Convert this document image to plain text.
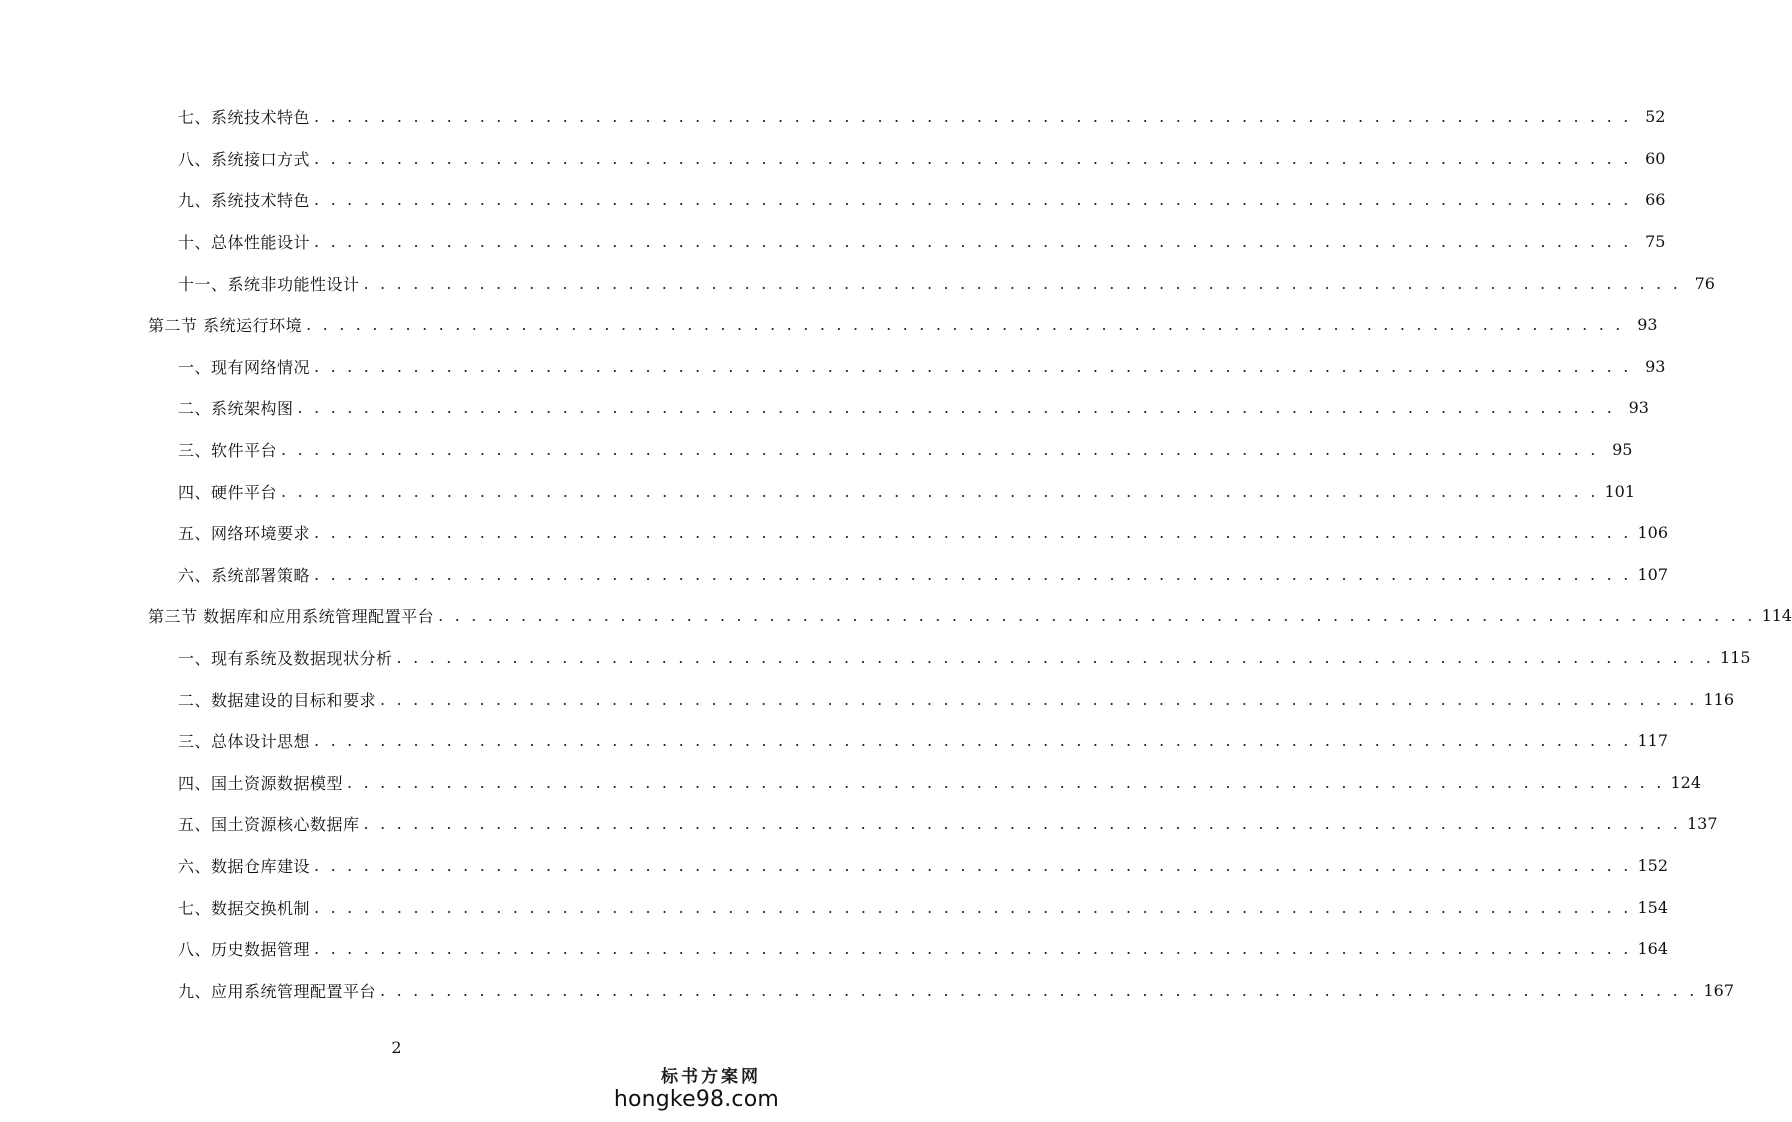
七、系统技术特色 . . . . . . . . . . . . . . . . . . . . . . . . . . . . . . . . . . . . . . . . . . . . . . . . . . . . . . . . . . . . . . . . . . . . . . . . . . . . . . . . 52
八、系统接口方式 . . . . . . . . . . . . . . . . . . . . . . . . . . . . . . . . . . . . . . . . . . . . . . . . . . . . . . . . . . . . . . . . . . . . . . . . . . . . . . . . 60
九、系统技术特色 . . . . . . . . . . . . . . . . . . . . . . . . . . . . . . . . . . . . . . . . . . . . . . . . . . . . . . . . . . . . . . . . . . . . . . . . . . . . . . . . 66
十、总体性能设计 . . . . . . . . . . . . . . . . . . . . . . . . . . . . . . . . . . . . . . . . . . . . . . . . . . . . . . . . . . . . . . . . . . . . . . . . . . . . . . . . 75
十一、系统非功能性设计 . . . . . . . . . . . . . . . . . . . . . . . . . . . . . . . . . . . . . . . . . . . . . . . . . . . . . . . . . . . . . . . . . . . . . . . . . . . . . . . . 76
第二节 系统运行环境 . . . . . . . . . . . . . . . . . . . . . . . . . . . . . . . . . . . . . . . . . . . . . . . . . . . . . . . . . . . . . . . . . . . . . . . . . . . . . . . . 93
一、现有网络情况 . . . . . . . . . . . . . . . . . . . . . . . . . . . . . . . . . . . . . . . . . . . . . . . . . . . . . . . . . . . . . . . . . . . . . . . . . . . . . . . . 93
二、系统架构图 . . . . . . . . . . . . . . . . . . . . . . . . . . . . . . . . . . . . . . . . . . . . . . . . . . . . . . . . . . . . . . . . . . . . . . . . . . . . . . . . 93
三、软件平台 . . . . . . . . . . . . . . . . . . . . . . . . . . . . . . . . . . . . . . . . . . . . . . . . . . . . . . . . . . . . . . . . . . . . . . . . . . . . . . . . 95
四、硬件平台 . . . . . . . . . . . . . . . . . . . . . . . . . . . . . . . . . . . . . . . . . . . . . . . . . . . . . . . . . . . . . . . . . . . . . . . . . . . . . . . . 101
五、网络环境要求 . . . . . . . . . . . . . . . . . . . . . . . . . . . . . . . . . . . . . . . . . . . . . . . . . . . . . . . . . . . . . . . . . . . . . . . . . . . . . . . . 106
六、系统部署策略 . . . . . . . . . . . . . . . . . . . . . . . . . . . . . . . . . . . . . . . . . . . . . . . . . . . . . . . . . . . . . . . . . . . . . . . . . . . . . . . . 107
第三节 数据库和应用系统管理配置平台 . . . . . . . . . . . . . . . . . . . . . . . . . . . . . . . . . . . . . . . . . . . . . . . . . . . . . . . . . . . . . . . . . . . . . . . . . . . . . . . . 114
一、现有系统及数据现状分析 . . . . . . . . . . . . . . . . . . . . . . . . . . . . . . . . . . . . . . . . . . . . . . . . . . . . . . . . . . . . . . . . . . . . . . . . . . . . . . . . 115
二、数据建设的目标和要求 . . . . . . . . . . . . . . . . . . . . . . . . . . . . . . . . . . . . . . . . . . . . . . . . . . . . . . . . . . . . . . . . . . . . . . . . . . . . . . . . 116
三、总体设计思想 . . . . . . . . . . . . . . . . . . . . . . . . . . . . . . . . . . . . . . . . . . . . . . . . . . . . . . . . . . . . . . . . . . . . . . . . . . . . . . . . 117
四、国土资源数据模型 . . . . . . . . . . . . . . . . . . . . . . . . . . . . . . . . . . . . . . . . . . . . . . . . . . . . . . . . . . . . . . . . . . . . . . . . . . . . . . . . 124
五、国土资源核心数据库 . . . . . . . . . . . . . . . . . . . . . . . . . . . . . . . . . . . . . . . . . . . . . . . . . . . . . . . . . . . . . . . . . . . . . . . . . . . . . . . . 137
六、数据仓库建设 . . . . . . . . . . . . . . . . . . . . . . . . . . . . . . . . . . . . . . . . . . . . . . . . . . . . . . . . . . . . . . . . . . . . . . . . . . . . . . . . 152
七、数据交换机制 . . . . . . . . . . . . . . . . . . . . . . . . . . . . . . . . . . . . . . . . . . . . . . . . . . . . . . . . . . . . . . . . . . . . . . . . . . . . . . . . 154
八、历史数据管理 . . . . . . . . . . . . . . . . . . . . . . . . . . . . . . . . . . . . . . . . . . . . . . . . . . . . . . . . . . . . . . . . . . . . . . . . . . . . . . . . 164
九、应用系统管理配置平台 . . . . . . . . . . . . . . . . . . . . . . . . . . . . . . . . . . . . . . . . . . . . . . . . . . . . . . . . . . . . . . . . . . . . . . . . . . . . . . . . 167
2
标书方案网
hongke98.com
